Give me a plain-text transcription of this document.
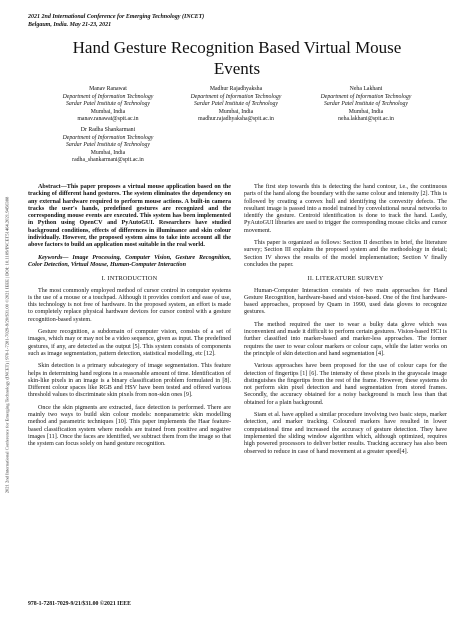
2021 2nd International Conference for Emerging Technology (INCET)
Belgaum, India. May 21-23, 2021
2021 2nd International Conference for Emerging Technology (INCET) | 978-1-7281-7029-9/20/$31.00 ©2021 IEEE | DOI: 10.1109/INCET51464.2021.9456388
Hand Gesture Recognition Based Virtual Mouse
Events
Manav Ranawat
Department of Information Technology
Sardar Patel Institute of Technology
Mumbai, India
manav.ranawat@spit.ac.in
Madhur Rajadhyaksha
Department of Information Technology
Sardar Patel Institute of Technology
Mumbai, India
madhur.rajadhyaksha@spit.ac.in
Neha Lakhani
Department of Information Technology
Sardar Patel Institute of Technology
Mumbai, India
neha.lakhani@spit.ac.in
Dr Radha Shankarmani
Department of Information Technology
Sardar Patel Institute of Technology
Mumbai, India
radha_shankarmani@spit.ac.in

Abstract—This paper proposes a virtual mouse application based on the tracking of different hand gestures. The system eliminates the dependency on any external hardware required to perform mouse actions. A built-in camera tracks the user's hands, predefined gestures are recognized and the corresponding mouse events are executed. This system has been implemented in Python using OpenCV and PyAutoGUI. Researchers have studied background conditions, effects of differences in illuminance and skin colour individually. However, the proposed system aims to take into account all the above factors to build an application most suitable in the real world.

Keywords— Image Processing, Computer Vision, Gesture Recognition, Color Detection, Virtual Mouse, Human-Computer Interaction

I. INTRODUCTION

The most commonly employed method of cursor control in computer systems is the use of a mouse or a touchpad. Although it provides comfort and ease of use, this technology is not free of hardware. In the proposed system, an effort is made to completely replace physical hardware devices for cursor control with a gesture recognition-based system.

Gesture recognition, a subdomain of computer vision, consists of a set of images, which may or may not be a video sequence, given as input. The predefined gestures, if any, are detected as the output [5]. This system consists of components such as image segmentation, pattern detection, statistical modelling, etc [12].

Skin detection is a primary subcategory of image segmentation. This feature helps in determining hand regions in a reasonable amount of time. Identification of skin-like pixels in an image is a binary classification problem formulated in [8]. Different colour spaces like RGB and HSV have been tested and offered various threshold values to discriminate skin pixels from non-skin ones [9].

Once the skin pigments are extracted, face detection is performed. There are mainly two ways to build skin colour models: nonparametric skin modelling method and parametric techniques [10]. This paper implements the Haar feature- based classification system where models are trained from positive and negative images [11]. Once the faces are identified, we subtract them from the image so that the system can focus solely on hand gesture recognition.

The first step towards this is detecting the hand contour, i.e., the continuous parts of the hand along the boundary with the same colour and intensity [2]. This is followed by creating a convex hull and identifying the convexity defects. The resultant image is passed into a model trained by convolutional neural networks to identify the gesture. Centroid identification is done to track the hand. Lastly, PyAutoGUI libraries are used to trigger the corresponding mouse clicks and cursor movement.

This paper is organized as follows: Section II describes in brief, the literature survey; Section III explains the proposed system and the methodology in detail; Section IV shows the results of the model implementation; Section V finally concludes the paper.

II. LITERATURE SURVEY

Human-Computer Interaction consists of two main approaches for Hand Gesture Recognition, hardware-based and vision-based. One of the first hardware-based approaches, proposed by Quam in 1990, used data gloves to recognize gestures.

The method required the user to wear a bulky data glove which was inconvenient and made it difficult to perform certain gestures. Vision-based HCI is further classified into marker-based and marker-less approaches. The former requires the user to wear colour markers or colour caps, while the latter works on the principle of skin detection and hand segmentation [4].

Various approaches have been proposed for the use of colour caps for the detection of fingertips [1] [6]. The intensity of these pixels in the grayscale image distinguishes the fingertips from the rest of the frame. However, these systems do not perform skin pixel detection and hand segmentation from stored frames. Secondly, the accuracy obtained for a noisy background is much less than that obtained for a plain background.

Siam et al. have applied a similar procedure involving two basic steps, marker detection, and marker tracking. Coloured markers have resulted in lower computational time and increased the accuracy of gesture detection. They have implemented the sliding window algorithm which, although optimized, requires high powered processors to deliver better results. Tracking accuracy has also been observed to reduce in case of hand movement at a greater speed[4].

978-1-7281-7029-9/21/$31.00 ©2021 IEEE
